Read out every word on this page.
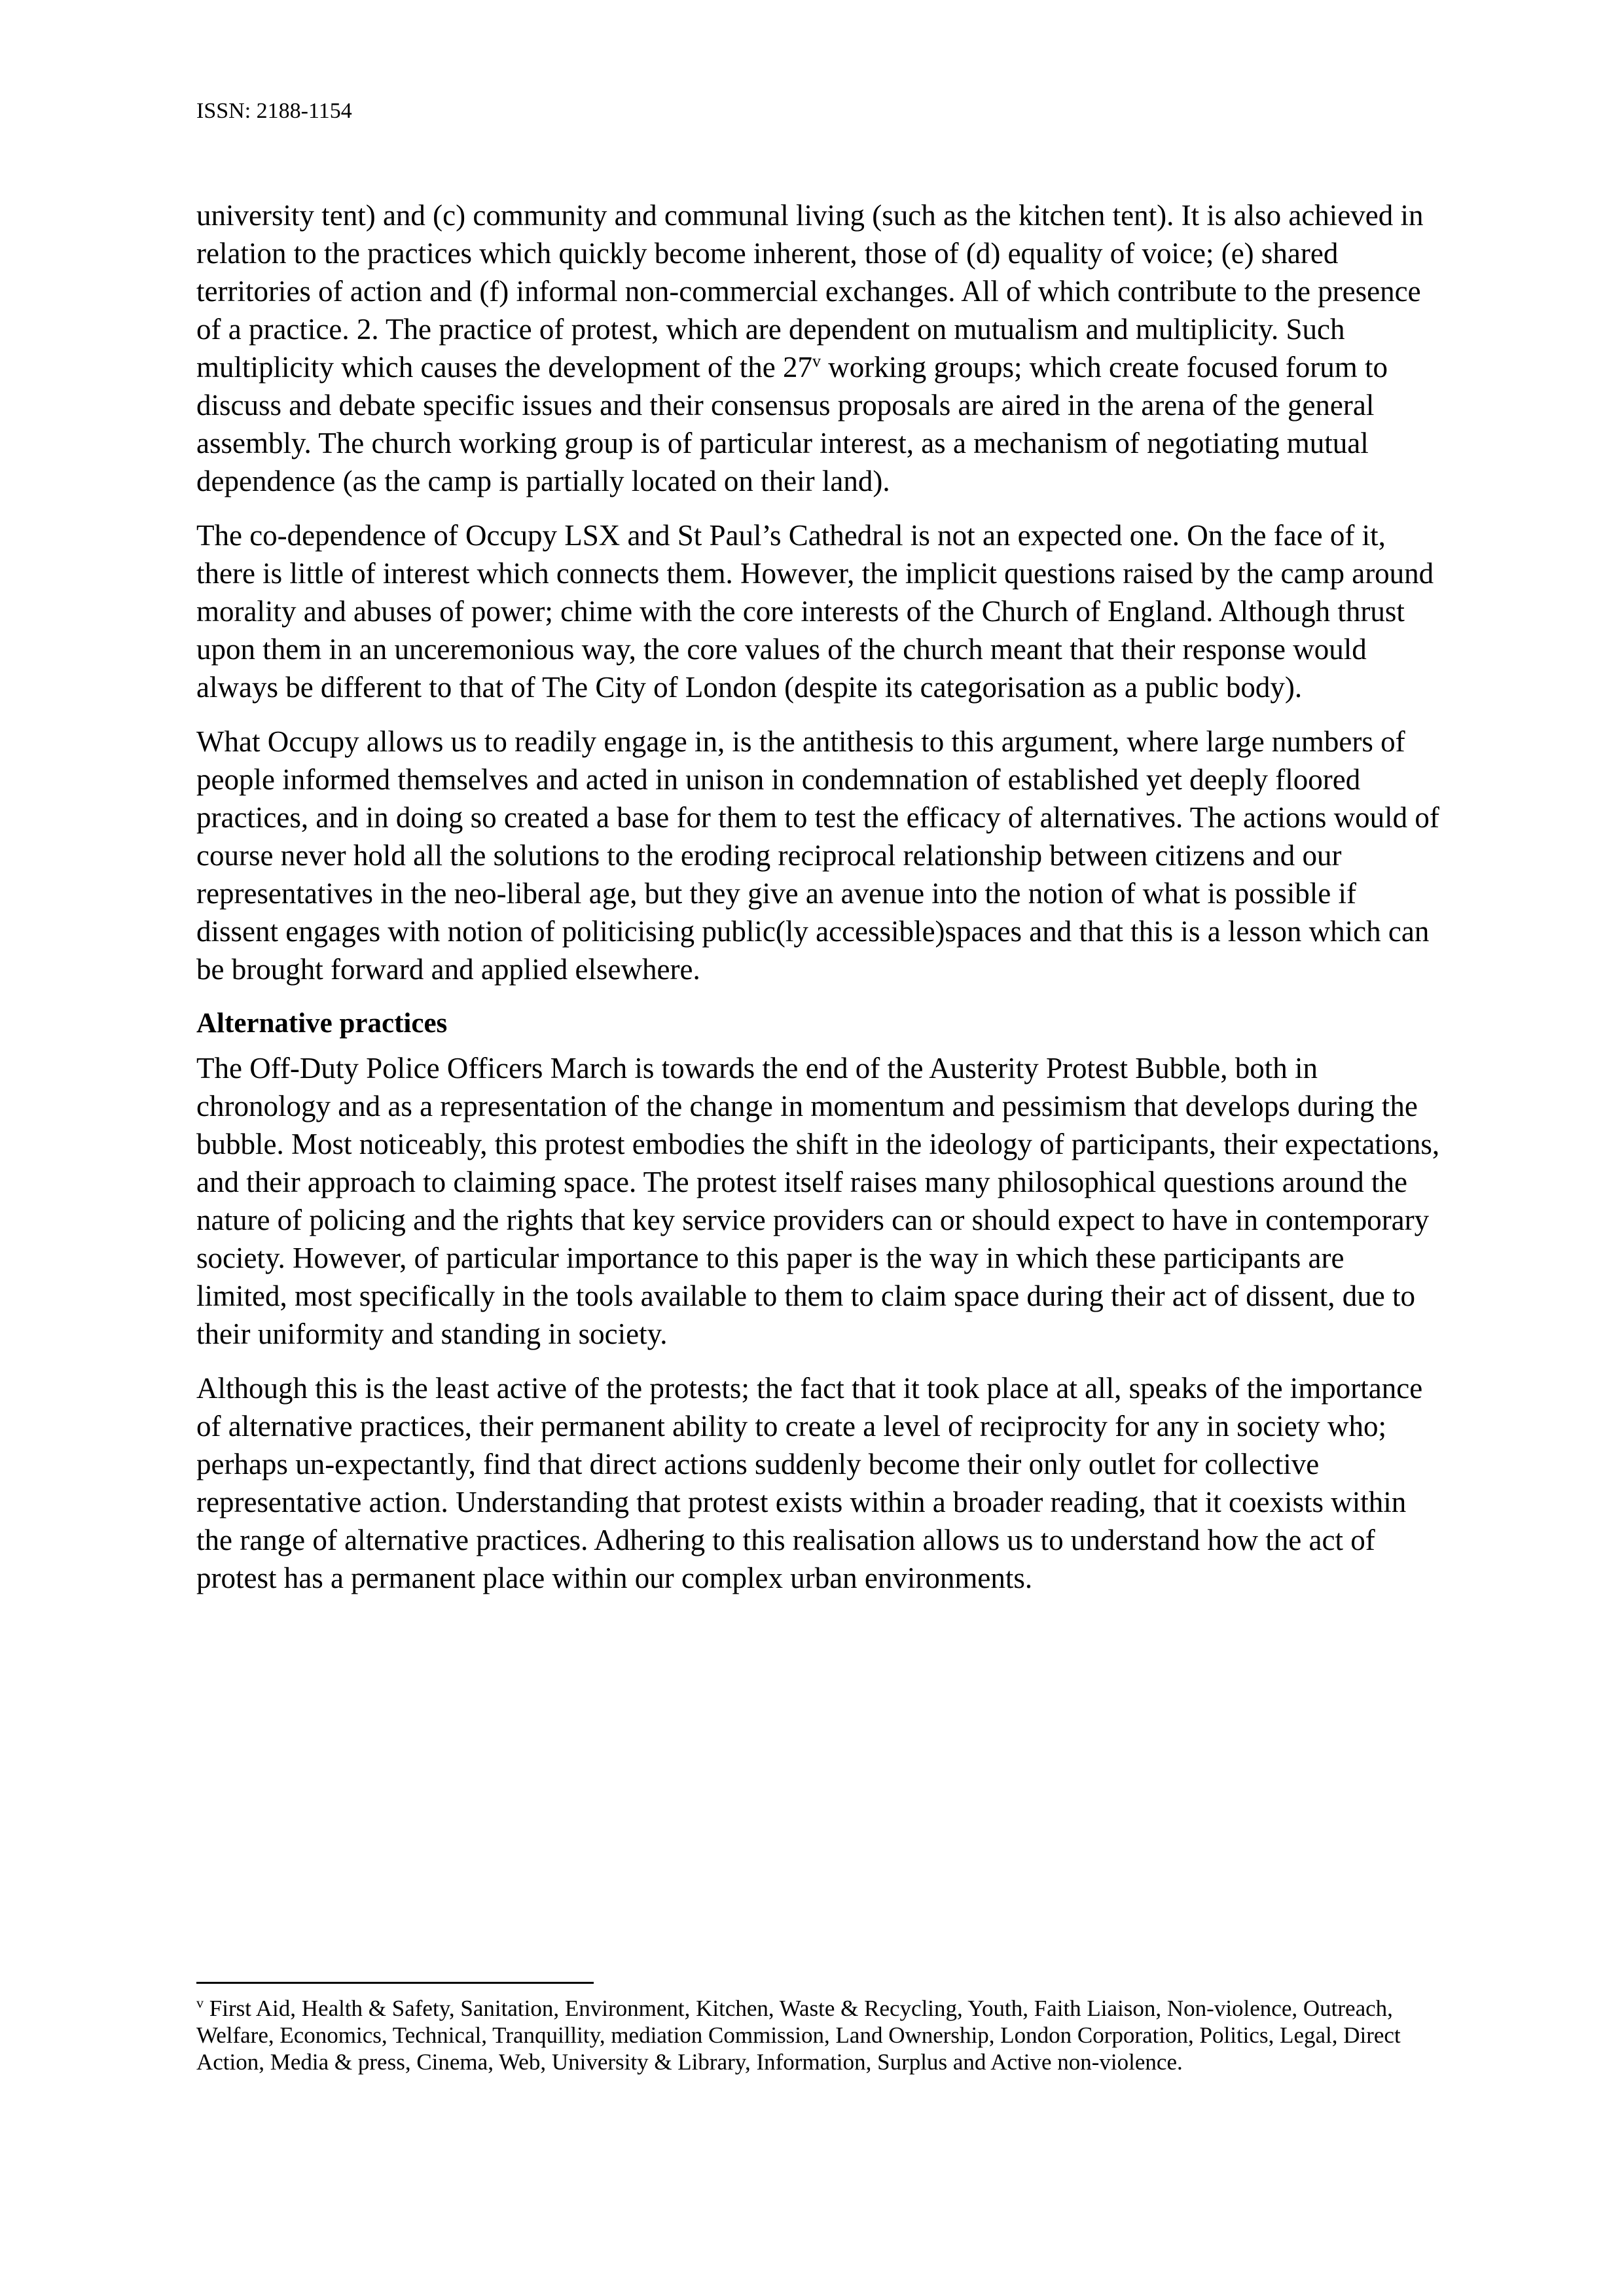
ISSN: 2188-1154

university tent) and (c) community and communal living (such as the kitchen tent). It is also achieved in relation to the practices which quickly become inherent, those of (d) equality of voice; (e) shared territories of action and (f) informal non-commercial exchanges. All of which contribute to the presence of a practice. 2. The practice of protest, which are dependent on mutualism and multiplicity. Such multiplicity which causes the development of the 27$^v$ working groups; which create focused forum to discuss and debate specific issues and their consensus proposals are aired in the arena of the general assembly. The church working group is of particular interest, as a mechanism of negotiating mutual dependence (as the camp is partially located on their land).

The co-dependence of Occupy LSX and St Paul’s Cathedral is not an expected one. On the face of it, there is little of interest which connects them. However, the implicit questions raised by the camp around morality and abuses of power; chime with the core interests of the Church of England. Although thrust upon them in an unceremonious way, the core values of the church meant that their response would always be different to that of The City of London (despite its categorisation as a public body).

What Occupy allows us to readily engage in, is the antithesis to this argument, where large numbers of people informed themselves and acted in unison in condemnation of established yet deeply floored practices, and in doing so created a base for them to test the efficacy of alternatives. The actions would of course never hold all the solutions to the eroding reciprocal relationship between citizens and our representatives in the neo-liberal age, but they give an avenue into the notion of what is possible if dissent engages with notion of politicising public(ly accessible)spaces and that this is a lesson which can be brought forward and applied elsewhere.

Alternative practices

The Off-Duty Police Officers March is towards the end of the Austerity Protest Bubble, both in chronology and as a representation of the change in momentum and pessimism that develops during the bubble. Most noticeably, this protest embodies the shift in the ideology of participants, their expectations, and their approach to claiming space. The protest itself raises many philosophical questions around the nature of policing and the rights that key service providers can or should expect to have in contemporary society. However, of particular importance to this paper is the way in which these participants are limited, most specifically in the tools available to them to claim space during their act of dissent, due to their uniformity and standing in society.

Although this is the least active of the protests; the fact that it took place at all, speaks of the importance of alternative practices, their permanent ability to create a level of reciprocity for any in society who; perhaps un-expectantly, find that direct actions suddenly become their only outlet for collective representative action. Understanding that protest exists within a broader reading, that it coexists within the range of alternative practices. Adhering to this realisation allows us to understand how the act of protest has a permanent place within our complex urban environments.

$^v$ First Aid, Health & Safety, Sanitation, Environment, Kitchen, Waste & Recycling, Youth, Faith Liaison, Non-violence, Outreach, Welfare, Economics, Technical, Tranquillity, mediation Commission, Land Ownership, London Corporation, Politics, Legal, Direct Action, Media & press, Cinema, Web, University & Library, Information, Surplus and Active non-violence.
